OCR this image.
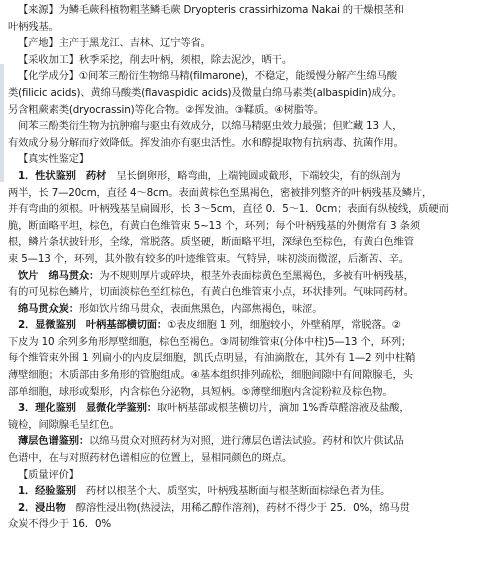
【来源】为鳞毛蕨科植物粗茎鳞毛蕨 Dryopteris crassirhizoma Nakai 的干燥根茎和
叶柄残基。
【产地】主产于黑龙江、吉林、辽宁等省。
【采收加工】秋季采挖，削去叶柄，须根，除去泥沙，晒干。
【化学成分】①间苯三酚衍生物绵马精(filmarone)，不稳定，能缓慢分解产生绵马酸
类(filicic acids)、黄绵马酸类(flavaspidic acids)及微量白绵马素类(albaspidin)成分。
另含粗蕨素类(dryocrassin)等化合物。②挥发油。③鞣质。④树脂等。
间苯三酚类衍生物为抗肿瘤与驱虫有效成分，以绵马精驱虫效力最强；但贮藏 13 人，
有效成分易分解而疗效降低。挥发油亦有驱虫活性。水和醇提取物有抗病毒、抗菌作用。
【真实性鉴定】
1．性状鉴别　药材　呈长倒卵形，略弯曲，上端钝圆或截形，下端较尖，有的纵剖为
两半，长 7—20cm，直径 4～8cm。表面黄棕色至黑褐色，密被排列整齐的叶柄残基及鳞片，
并有弯曲的须根。叶柄残基呈扁圆形，长 3～5cm，直径 0．5～1．0cm；表面有纵棱线，质硬而
脆，断面略平坦，棕色，有黄白色维管束 5~13 个，环列；每个叶柄残基的外侧常有 3 条须
根，鳞片条状披针形，全缘，常脱落。质坚硬，断面略平坦，深绿色至棕色，有黄白色维管
束 5—13 个，环列，其外散有较多的叶迹维管束。气特异，味初淡而微涩，后渐苦、辛。
饮片　绵马贯众：为不规则厚片或碎块，根茎外表面棕黄色至黑褐色，多被有叶柄残基，
有的可见棕色鳞片，切面淡棕色至红棕色，有黄白色维管束小点，环状排列。气味同药材。
绵马贯众炭：形如饮片绵马贯众，表面焦黑色，内部焦褐色，味涩。
2．显微鉴别　叶柄基部横切面：①表皮细胞 1 列，细胞较小，外壁稍厚，常脱落。②
下皮为 10 余列多角形厚壁细胞，棕色至褐色。③周韧维管束(分体中柱)5—13 个，环列；
每个维管束外围 1 列扁小的内皮层细胞，凯氏点明显，有油滴散在，其外有 1—2 列中柱鞘
薄壁细胞；木质部由多角形的管胞组成。④基本组织排列疏松，细胞间隙中有间隙腺毛，头
部单细胞，球形或梨形，内含棕色分泌物，具短柄。⑤薄壁细胞内含淀粉粒及棕色物。
3．理化鉴别　显微化学鉴别：取叶柄基部或根茎横切片，滴加 1%香草醛溶液及盐酸，
镜检，间隙腺毛呈红色。
薄层色谱鉴别：以绵马贯众对照药材为对照，进行薄层色谱法试验。药材和饮片供试品
色谱中，在与对照药材色谱相应的位置上，显相同颜色的斑点。
【质量评价】
1．经验鉴别　药材以根茎个大、质坚实，叶柄残基断面与根茎断面棕绿色者为佳。
2．浸出物　醇溶性浸出物(热浸法，用稀乙醇作溶剂)，药材不得少于 25．0%，绵马贯
众炭不得少于 16．0%
